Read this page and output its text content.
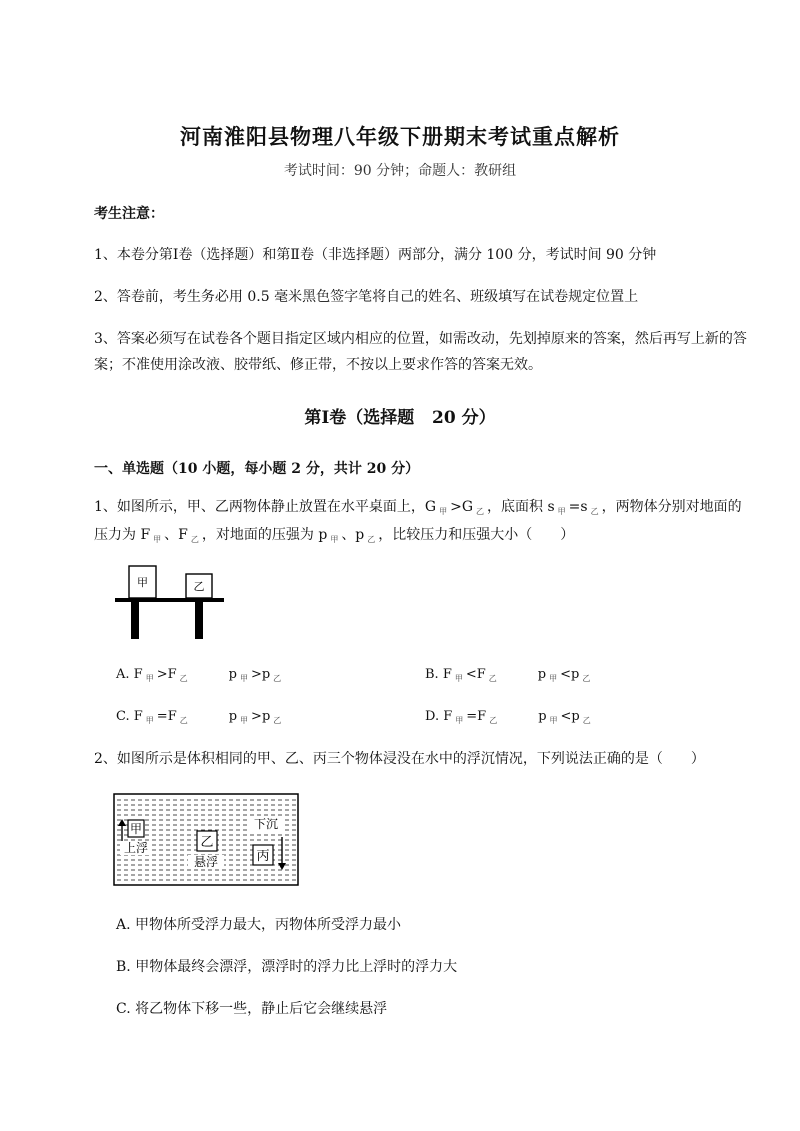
河南淮阳县物理八年级下册期末考试重点解析
考试时间：90 分钟；命题人：教研组
考生注意：
1、本卷分第Ⅰ卷（选择题）和第Ⅱ卷（非选择题）两部分，满分 100 分，考试时间 90 分钟
2、答卷前，考生务必用 0.5 毫米黑色签字笔将自己的姓名、班级填写在试卷规定位置上
3、答案必须写在试卷各个题目指定区域内相应的位置，如需改动，先划掉原来的答案，然后再写上新的答案；不准使用涂改液、胶带纸、修正带，不按以上要求作答的答案无效。
第Ⅰ卷（选择题   20 分）
一、单选题（10 小题，每小题 2 分，共计 20 分）
1、如图所示，甲、乙两物体静止放置在水平桌面上，G $_甲$ >G $_乙$ ，底面积 s $_甲$ =s $_乙$ ，两物体分别对地面的压力为 F $_甲$ 、F $_乙$ ，对地面的压强为 p $_甲$ 、p $_乙$ ，比较压力和压强大小（　　）
甲	乙
A. F $_甲$ >F $_乙$	p $_甲$ >p $_乙$	B. F $_甲$ <F $_乙$	p $_甲$ <p $_乙$
C. F $_甲$ =F $_乙$	p $_甲$ >p $_乙$	D. F $_甲$ =F $_乙$	p $_甲$ <p $_乙$
2、如图所示是体积相同的甲、乙、丙三个物体浸没在水中的浮沉情况，下列说法正确的是（　　）
甲
上浮	乙
悬浮
下沉
丙
A. 甲物体所受浮力最大，丙物体所受浮力最小
B. 甲物体最终会漂浮，漂浮时的浮力比上浮时的浮力大
C. 将乙物体下移一些，静止后它会继续悬浮
